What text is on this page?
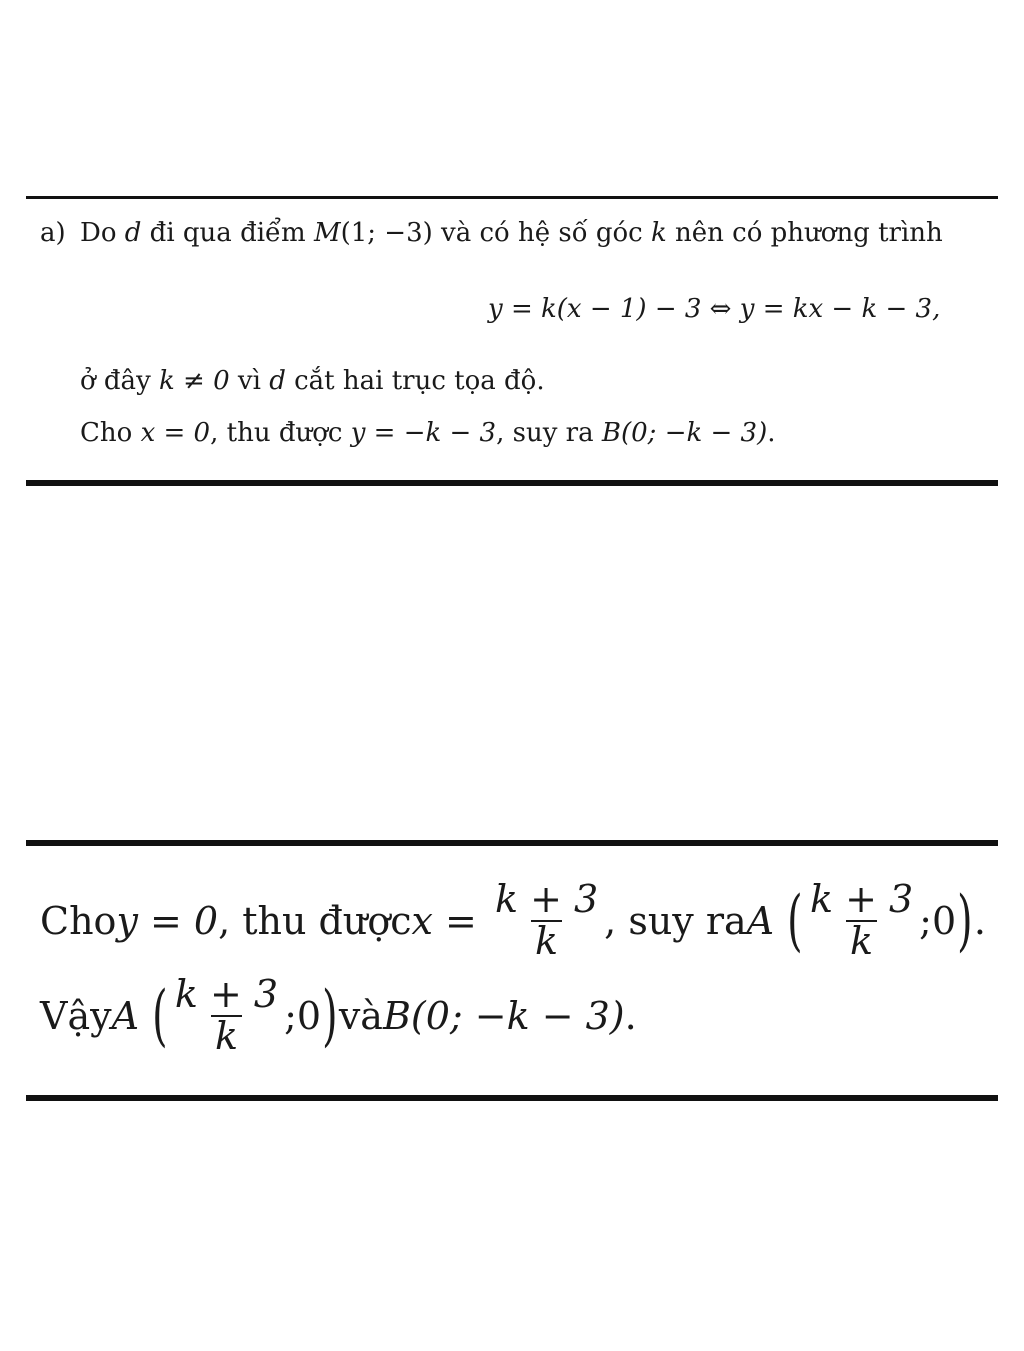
a) Do d đi qua điểm M(1; −3) và có hệ số góc k nên có phương trình
y = k(x − 1) − 3 ⇔ y = kx − k − 3,
ở đây k ≠ 0 vì d cắt hai trục tọa độ.
Cho x = 0, thu được y = −k − 3, suy ra B(0; −k − 3).
Choy = 0, thu đượcx = $\frac{k + 3}{k}$ , suy raA ( $\frac{k + 3}{k}$ ;0).
VậyA ( $\frac{k + 3}{k}$ ;0)vàB(0; −k − 3).
